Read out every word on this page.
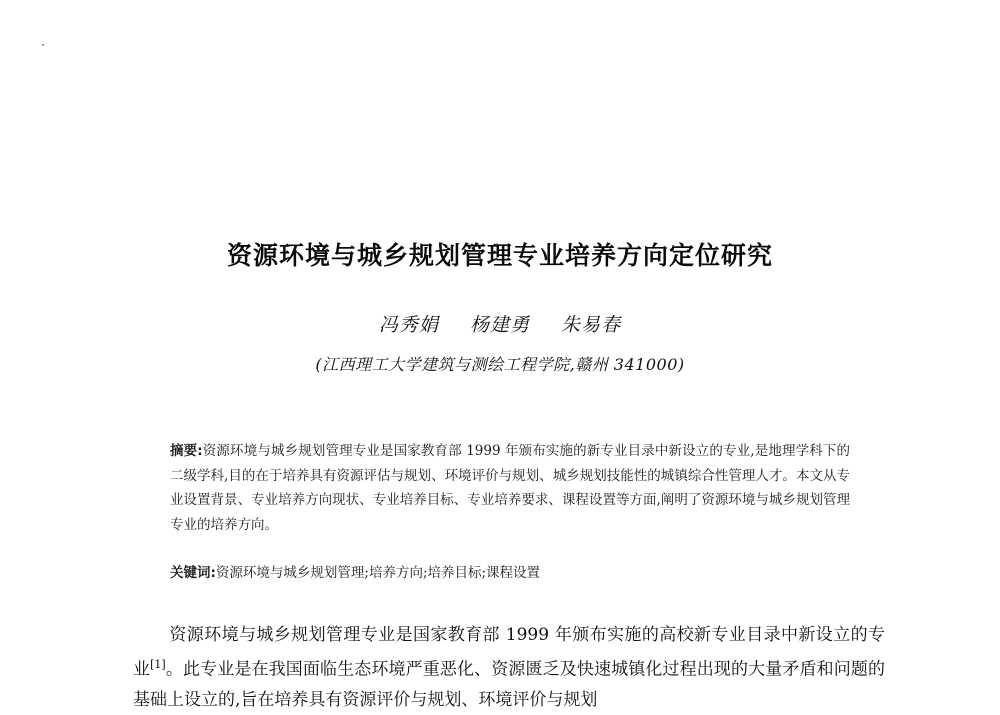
资源环境与城乡规划管理专业培养方向定位研究
冯秀娟 杨建勇 朱易春
(江西理工大学建筑与测绘工程学院,赣州 341000)
摘要:资源环境与城乡规划管理专业是国家教育部 1999 年颁布实施的新专业目录中新设立的专业,是地理学科下的二级学科,目的在于培养具有资源评估与规划、环境评价与规划、城乡规划技能性的城镇综合性管理人才。本文从专业设置背景、专业培养方向现状、专业培养目标、专业培养要求、课程设置等方面,阐明了资源环境与城乡规划管理专业的培养方向。
关键词:资源环境与城乡规划管理;培养方向;培养目标;课程设置
资源环境与城乡规划管理专业是国家教育部 1999 年颁布实施的高校新专业目录中新设立的专业[1]。此专业是在我国面临生态环境严重恶化、资源匮乏及快速城镇化过程出现的大量矛盾和问题的基础上设立的,旨在培养具有资源评价与规划、环境评价与规划
